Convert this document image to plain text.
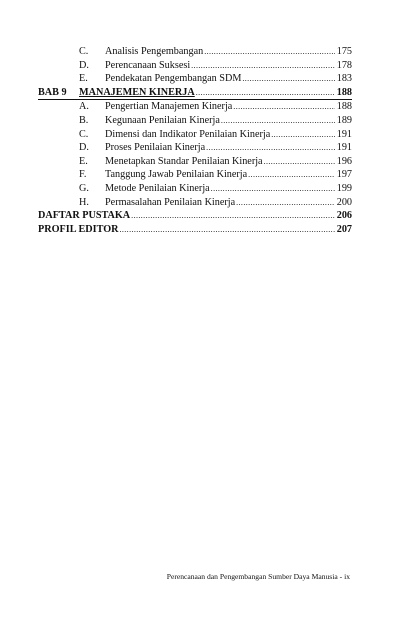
C.	Analisis Pengembangan .....	175
D.	Perencanaan Suksesi .....	178
E.	Pendekatan Pengembangan SDM .....	183
BAB 9	MANAJEMEN KINERJA .....	188
A.	Pengertian Manajemen Kinerja .....	188
B.	Kegunaan Penilaian Kinerja .....	189
C.	Dimensi dan Indikator Penilaian Kinerja .....	191
D.	Proses Penilaian Kinerja .....	191
E.	Menetapkan Standar Penilaian Kinerja .....	196
F.	Tanggung Jawab Penilaian Kinerja .....	197
G.	Metode Penilaian Kinerja .....	199
H.	Permasalahan Penilaian Kinerja .....	200
DAFTAR PUSTAKA .....	206
PROFIL EDITOR .....	207
Perencanaan dan Pengembangan Sumber Daya Manusia - ix
